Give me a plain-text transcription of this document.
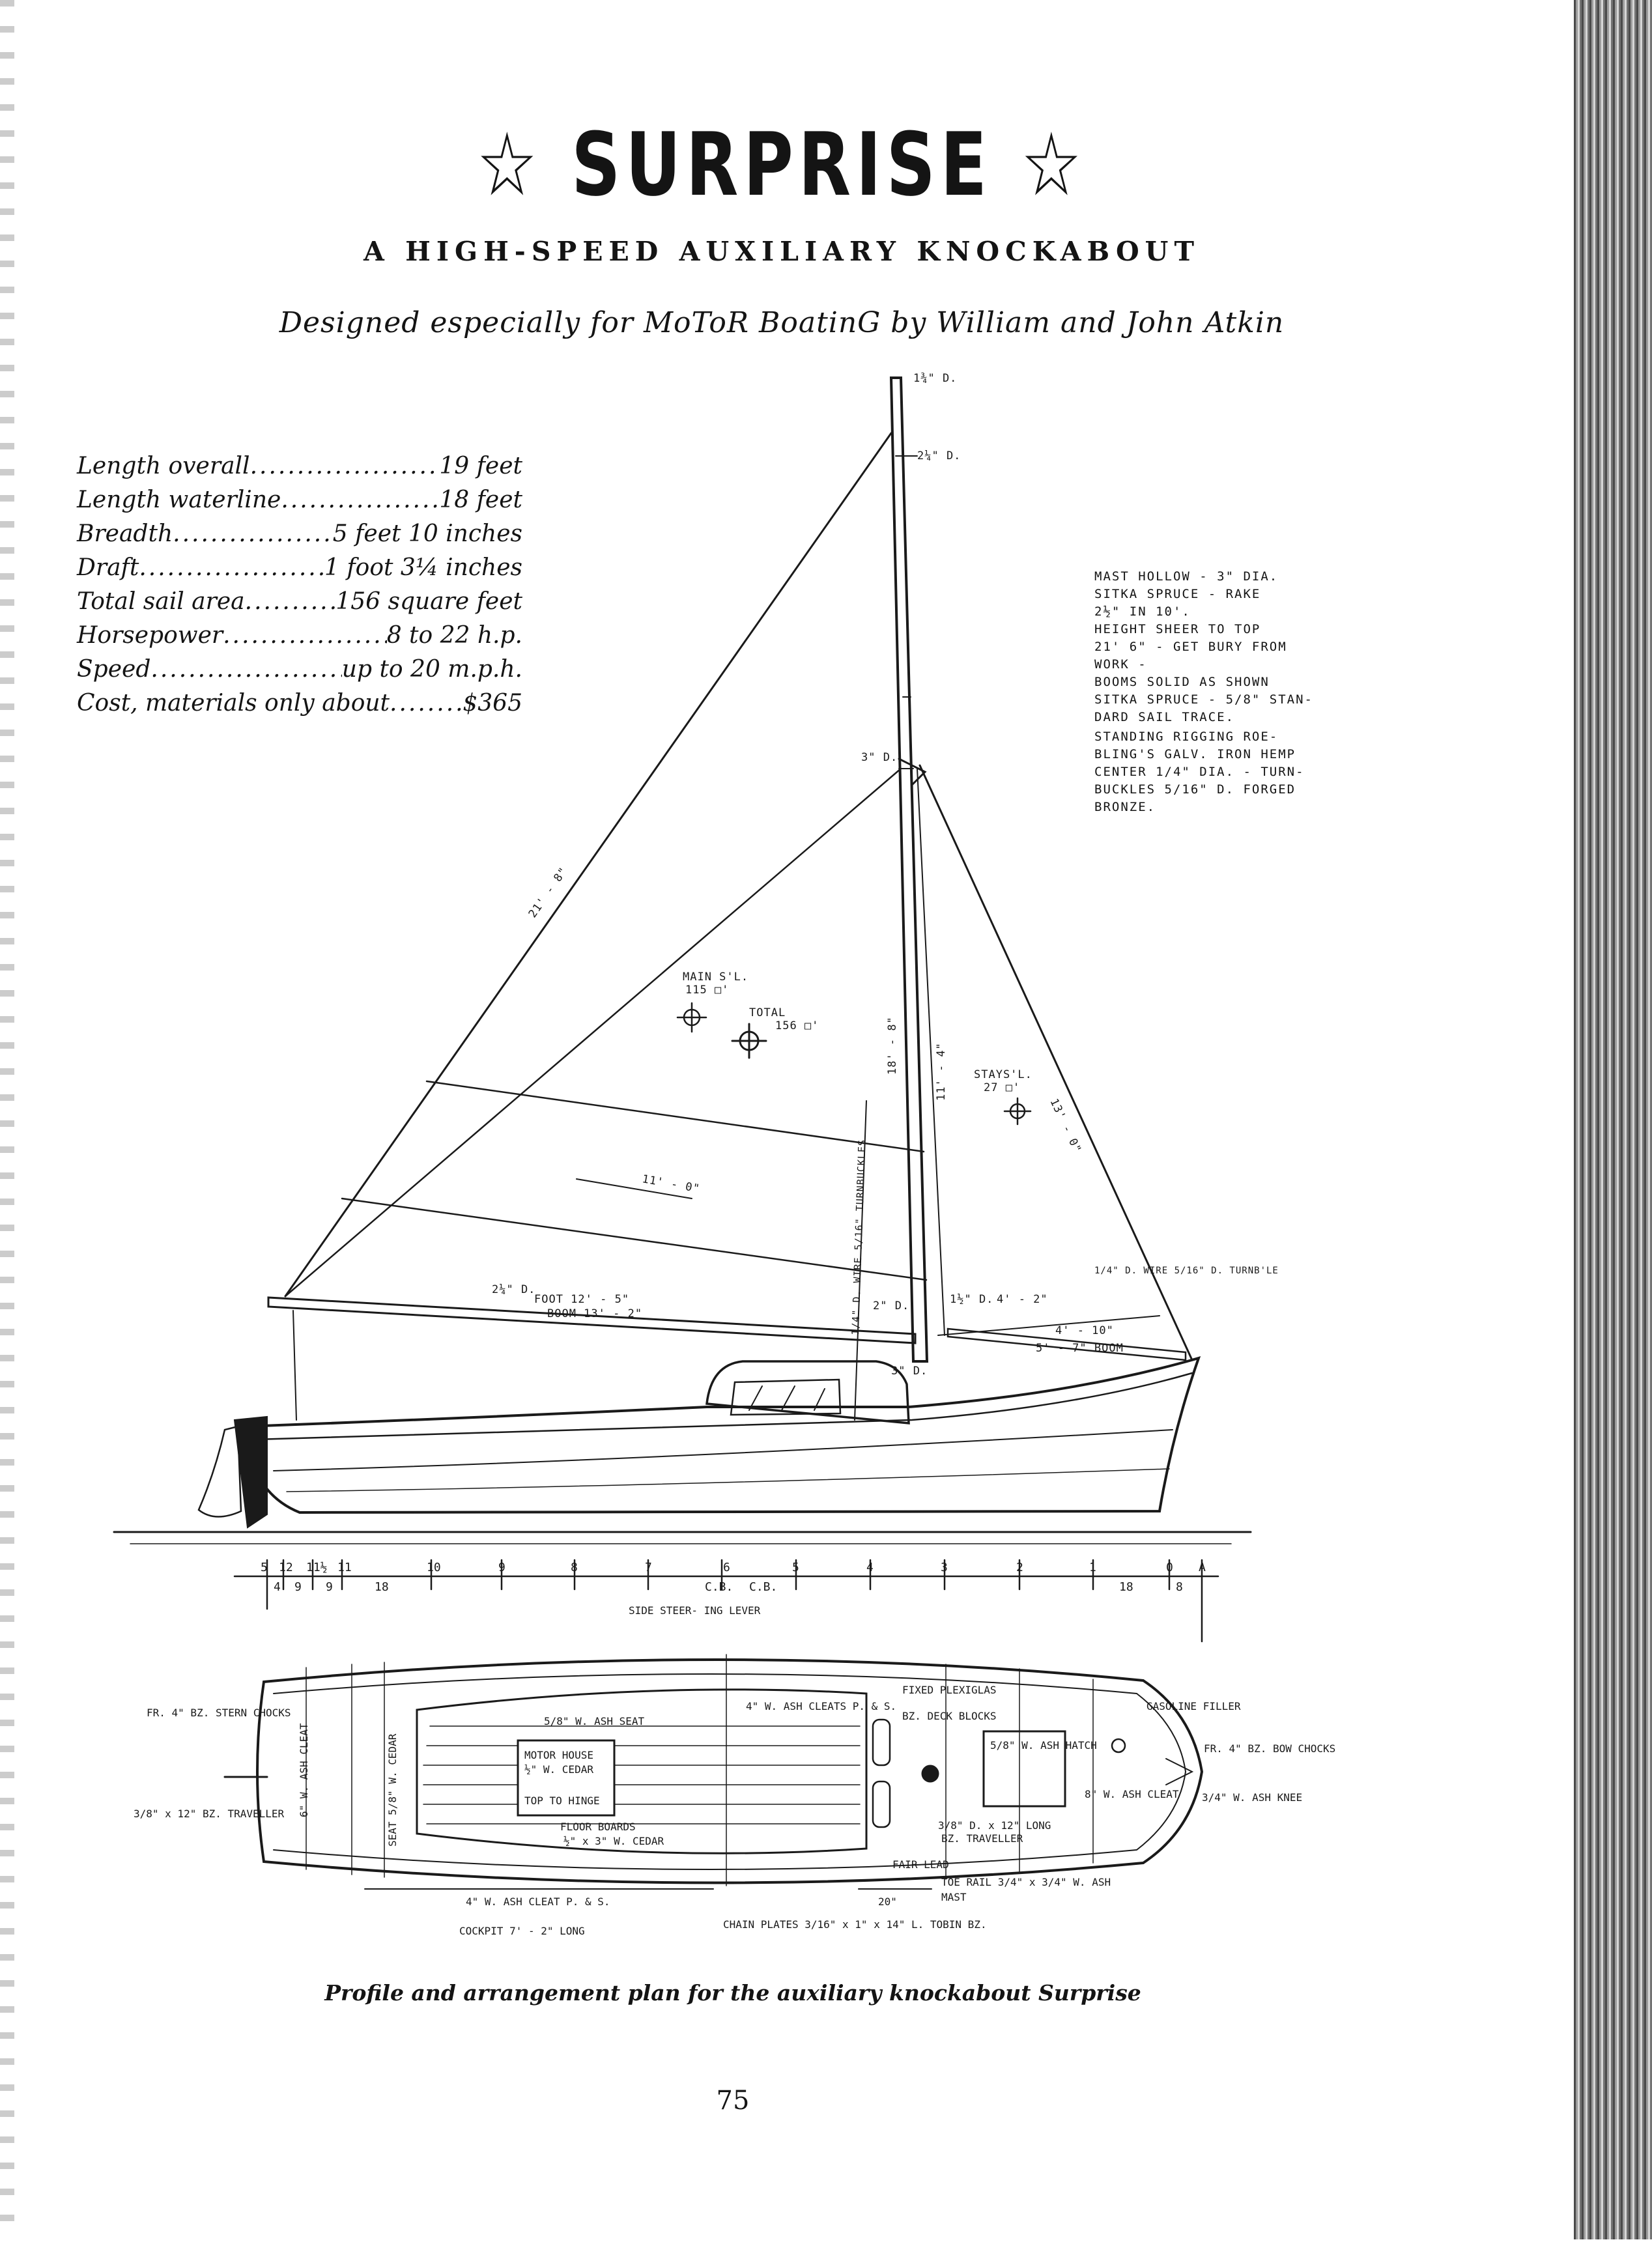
☆ SURPRISE ☆
A HIGH-SPEED AUXILIARY KNOCKABOUT
Designed especially for MoToR BoatinG by William and John Atkin
Length overall .....	19 feet
Length waterline .....	18 feet
Breadth .....	5 feet 10 inches
Draft .....	1 foot 3¼ inches
Total sail area .....	156 square feet
Horsepower .....	8 to 22 h.p.
Speed .....	up to 20 m.p.h.
Cost, materials only about .....	$365
MAST HOLLOW - 3" DIA.
SITKA SPRUCE - RAKE
2½" IN 10'.
HEIGHT SHEER TO TOP
21' 6" - GET BURY FROM
WORK -
BOOMS SOLID AS SHOWN
SITKA SPRUCE - 5/8" STAN-
DARD SAIL TRACE.
STANDING RIGGING ROE-
BLING'S GALV. IRON HEMP
CENTER 1/4" DIA. - TURN-
BUCKLES 5/16" D. FORGED
BRONZE.
1¾" D.
2¼" D.
3" D.
3" D.
MAIN S'L.
115 □'
TOTAL
156 □'
STAYS'L.
27 □'
FOOT 12' - 5"
BOOM 13' - 2"
5' - 7" BOOM
4' - 2"
4' - 10"
1/4" D. WIRE 5/16" D. TURNB'LE
2" D.	1½" D.
2¼" D.
21' - 8"
18' - 8"	11' - 4"
13' - 0"
11' - 0"	1/4" D. WIRE 5/16" TURNBUCKLES
5 12 11½ 11	10	9	8	7	6	5	4	3	2	1	0 A
4 9 9	18	18	8
C.B. C.B.
SIDE STEER- ING LEVER
FR. 4" BZ. STERN CHOCKS
3/8" x 12" BZ. TRAVELLER 6" W. ASH CLEAT	SEAT 5/8" W. CEDAR
5/8" W. ASH SEAT
MOTOR HOUSE
½" W. CEDAR
TOP TO HINGE
FLOOR BOARDS
½" x 3" W. CEDAR
4" W. ASH CLEATS P. & S.
FIXED PLEXIGLAS
BZ. DECK BLOCKS
5/8" W. ASH HATCH
GASOLINE FILLER
FR. 4" BZ. BOW CHOCKS
8" W. ASH CLEAT 3/4" W. ASH KNEE
3/8" D. x 12" LONG
BZ. TRAVELLER
FAIR LEAD
TOE RAIL 3/4" x 3/4" W. ASH
4" W. ASH CLEAT P. & S.
COCKPIT 7' - 2" LONG
CHAIN PLATES 3/16" x 1" x 14" L. TOBIN BZ.
20"	MAST
Profile and arrangement plan for the auxiliary knockabout Surprise
75
